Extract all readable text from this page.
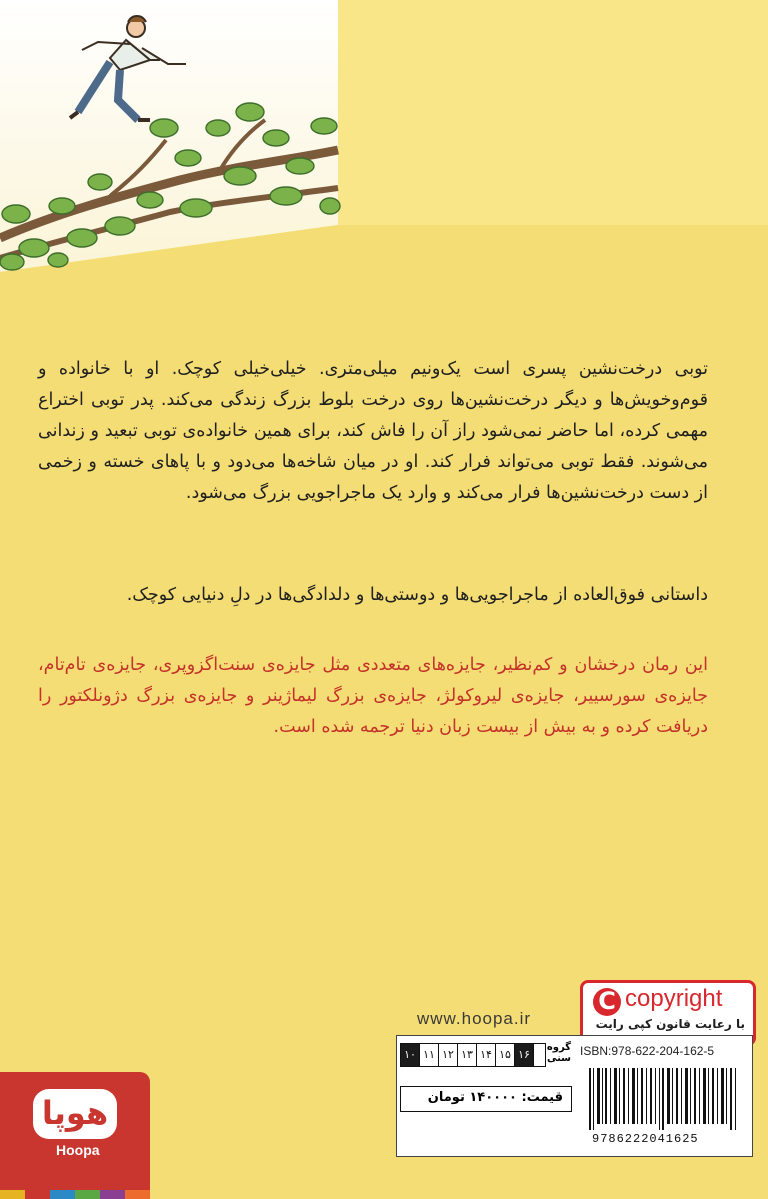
توبی درخت‌نشین پسری است یک‌ونیم میلی‌متری. خیلی‌خیلی کوچک. او با خانواده و قوم‌وخویش‌ها و دیگر درخت‌نشین‌ها روی درخت بلوط بزرگ زندگی می‌کند. پدر توبی اختراع مهمی کرده، اما حاضر نمی‌شود راز آن را فاش کند، برای همین خانواده‌ی توبی تبعید و زندانی می‌شوند. فقط توبی می‌تواند فرار کند. او در میان شاخه‌ها می‌دود و با پاهای خسته و زخمی از دست درخت‌نشین‌ها فرار می‌کند و وارد یک ماجراجویی بزرگ می‌شود.
داستانی فوق‌العاده از ماجراجویی‌ها و دوستی‌ها و دلدادگی‌ها در دلِ دنیایی کوچک.
این رمان درخشان و کم‌نظیر، جایزه‌های متعددی مثل جایزه‌ی سنت‌اگزوپری، جایزه‌ی تام‌تام، جایزه‌ی سورسییر، جایزه‌ی لیروکولژ، جایزه‌ی بزرگ لیماژینر و جایزه‌ی بزرگ دژونلکتور را دریافت کرده و به بیش از بیست زبان دنیا ترجمه شده است.
C copyright
با رعایت قانون کپی رایت
www.hoopa.ir
۱۰ ۱۱ ۱۲ ۱۳ ۱۴ ۱۵ ۱۶
گروه سنی
ISBN:978-622-204-162-5
قیمت: ۱۴۰۰۰۰ تومان
9786222041625
هوپا
Hoopa
